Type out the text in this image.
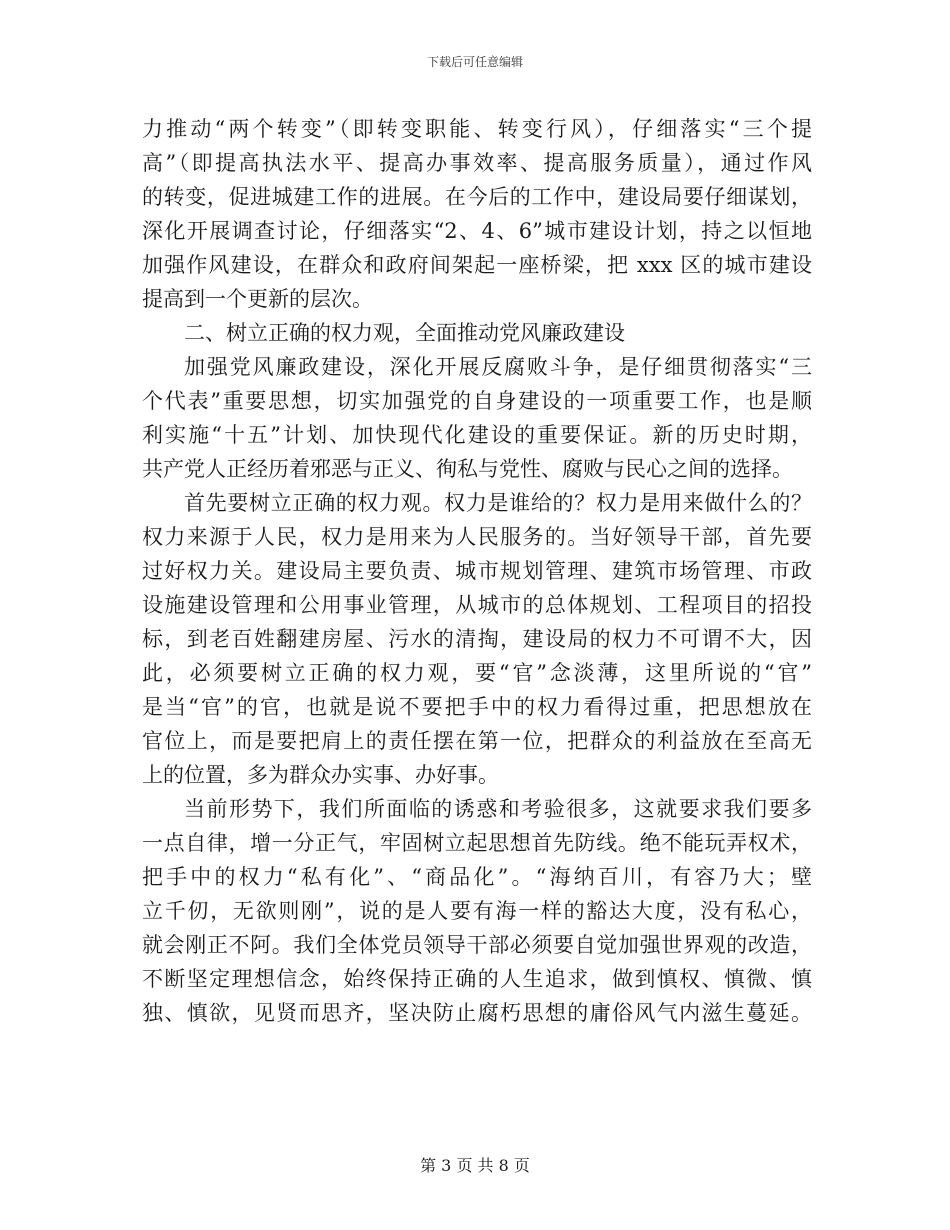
下载后可任意编辑
力推动“两个转变”（即转变职能、转变行风），仔细落实“三个提
高”（即提高执法水平、提高办事效率、提高服务质量），通过作风
的转变，促进城建工作的进展。在今后的工作中，建设局要仔细谋划，
深化开展调查讨论，仔细落实“2、4、6”城市建设计划，持之以恒地
加强作风建设，在群众和政府间架起一座桥梁，把 xxx 区的城市建设
提高到一个更新的层次。
二、树立正确的权力观，全面推动党风廉政建设
加强党风廉政建设，深化开展反腐败斗争，是仔细贯彻落实“三
个代表”重要思想，切实加强党的自身建设的一项重要工作，也是顺
利实施“十五”计划、加快现代化建设的重要保证。新的历史时期，
共产党人正经历着邪恶与正义、徇私与党性、腐败与民心之间的选择。
首先要树立正确的权力观。权力是谁给的？权力是用来做什么的？
权力来源于人民，权力是用来为人民服务的。当好领导干部，首先要
过好权力关。建设局主要负责、城市规划管理、建筑市场管理、市政
设施建设管理和公用事业管理，从城市的总体规划、工程项目的招投
标，到老百姓翻建房屋、污水的清掏，建设局的权力不可谓不大，因
此，必须要树立正确的权力观，要“官”念淡薄，这里所说的“官”
是当“官”的官，也就是说不要把手中的权力看得过重，把思想放在
官位上，而是要把肩上的责任摆在第一位，把群众的利益放在至高无
上的位置，多为群众办实事、办好事。
当前形势下，我们所面临的诱惑和考验很多，这就要求我们要多
一点自律，增一分正气，牢固树立起思想首先防线。绝不能玩弄权术，
把手中的权力“私有化”、“商品化”。“海纳百川，有容乃大；壁
立千仞，无欲则刚”，说的是人要有海一样的豁达大度，没有私心，
就会刚正不阿。我们全体党员领导干部必须要自觉加强世界观的改造，
不断坚定理想信念，始终保持正确的人生追求，做到慎权、慎微、慎
独、慎欲，见贤而思齐，坚决防止腐朽思想的庸俗风气内滋生蔓延。
第 3 页 共 8 页
